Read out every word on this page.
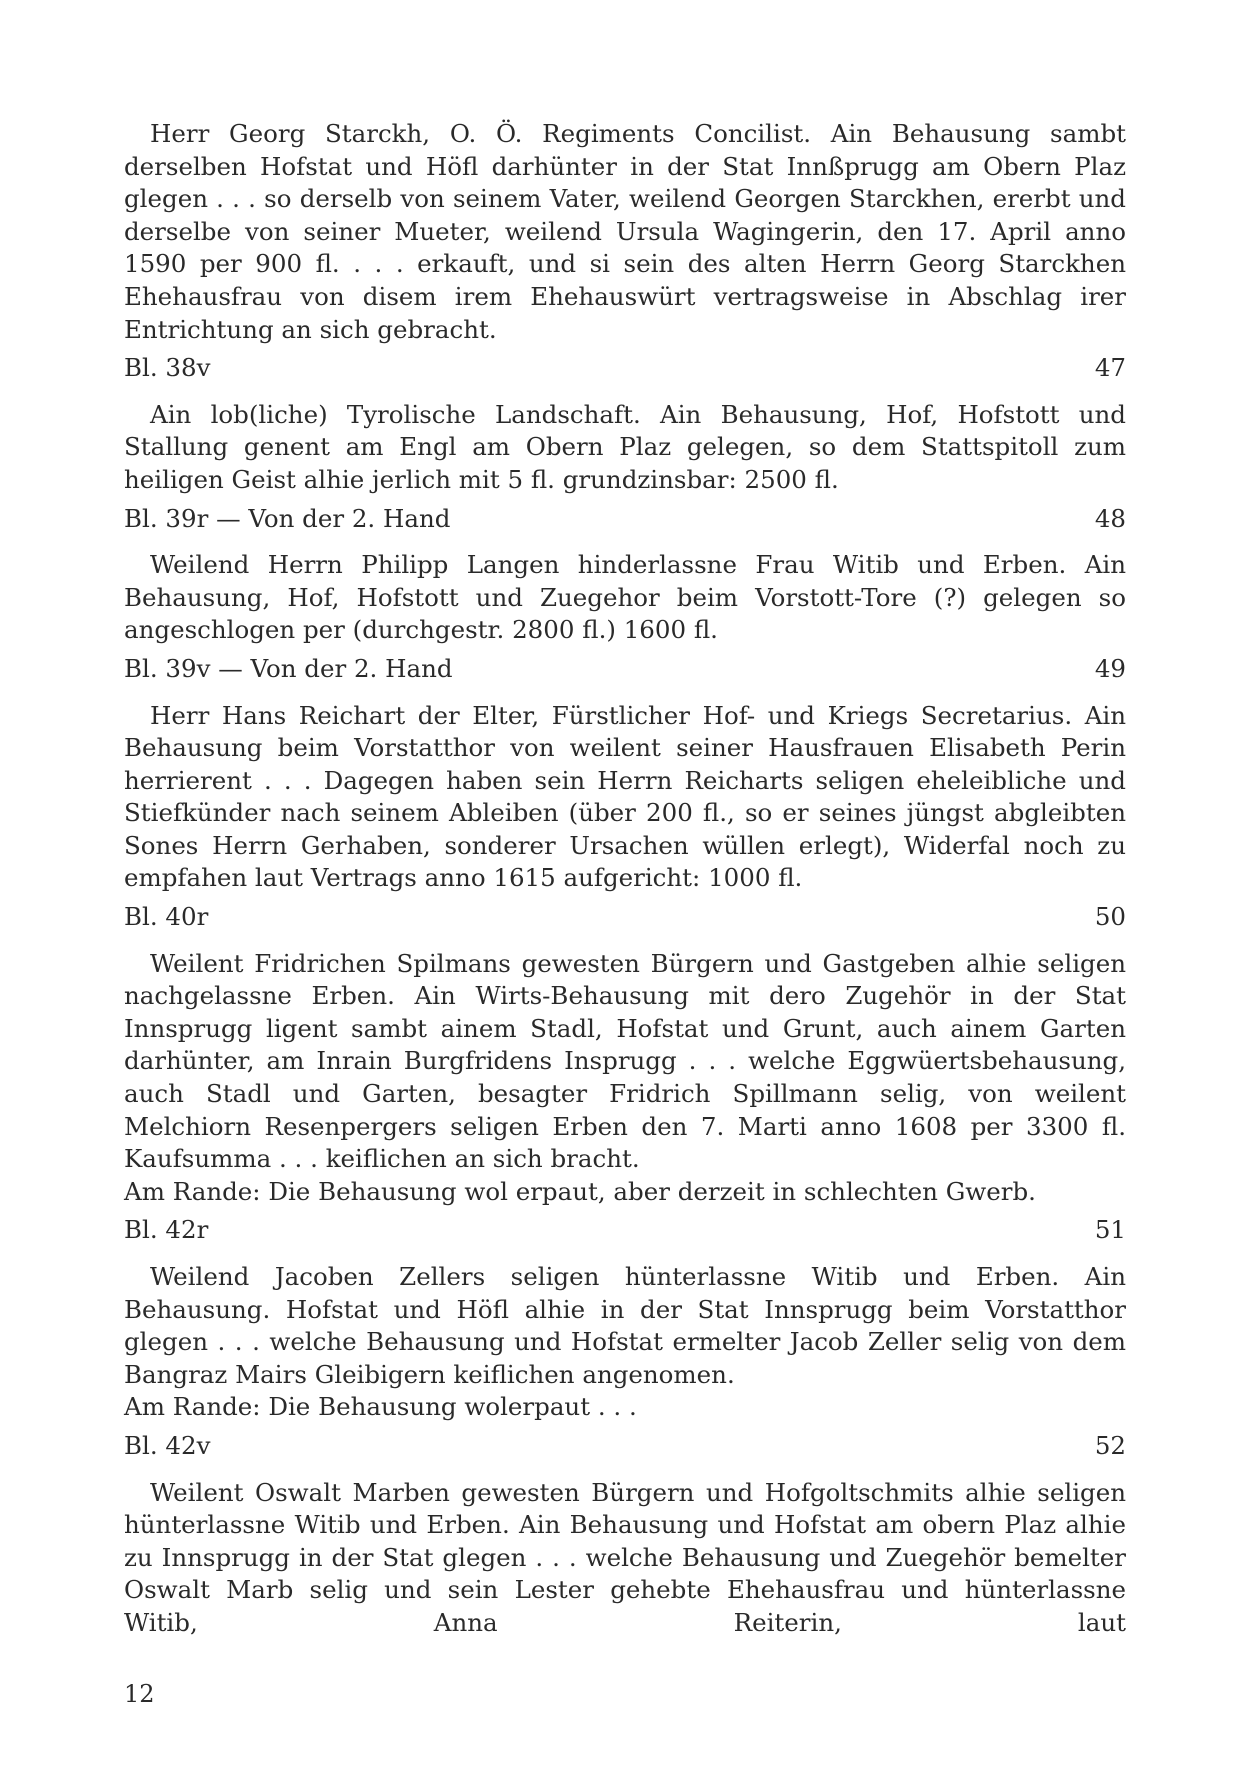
Herr Georg Starckh, O. Ö. Regiments Concilist. Ain Behausung sambt derselben Hofstat und Höfl darhünter in der Stat Innßprugg am Obern Plaz glegen . . . so derselb von seinem Vater, weilend Georgen Starckhen, ererbt und derselbe von seiner Mueter, weilend Ursula Wagingerin, den 17. April anno 1590 per 900 fl. . . . erkauft, und si sein des alten Herrn Georg Starckhen Ehehausfrau von disem irem Ehehauswürt vertragsweise in Abschlag irer Entrichtung an sich gebracht.

Bl. 38v	47

Ain lob(liche) Tyrolische Landschaft. Ain Behausung, Hof, Hofstott und Stallung genent am Engl am Obern Plaz gelegen, so dem Stattspitoll zum heiligen Geist alhie jerlich mit 5 fl. grundzinsbar: 2500 fl.

Bl. 39r — Von der 2. Hand	48

Weilend Herrn Philipp Langen hinderlassne Frau Witib und Erben. Ain Behausung, Hof, Hofstott und Zuegehor beim Vorstott-Tore (?) gelegen so angeschlogen per (durchgestr. 2800 fl.) 1600 fl.

Bl. 39v — Von der 2. Hand	49

Herr Hans Reichart der Elter, Fürstlicher Hof- und Kriegs Secretarius. Ain Behausung beim Vorstatthor von weilent seiner Hausfrauen Elisabeth Perin herrierent . . . Dagegen haben sein Herrn Reicharts seligen eheleibliche und Stiefkünder nach seinem Ableiben (über 200 fl., so er seines jüngst abgleibten Sones Herrn Gerhaben, sonderer Ursachen wüllen erlegt), Widerfal noch zu empfahen laut Vertrags anno 1615 aufgericht: 1000 fl.

Bl. 40r	50

Weilent Fridrichen Spilmans gewesten Bürgern und Gastgeben alhie seligen nachgelassne Erben. Ain Wirts-Behausung mit dero Zugehör in der Stat Innsprugg ligent sambt ainem Stadl, Hofstat und Grunt, auch ainem Garten darhünter, am Inrain Burgfridens Insprugg . . . welche Eggwüertsbehausung, auch Stadl und Garten, besagter Fridrich Spillmann selig, von weilent Melchiorn Resenpergers seligen Erben den 7. Marti anno 1608 per 3300 fl. Kaufsumma . . . keiflichen an sich bracht.

Am Rande: Die Behausung wol erpaut, aber derzeit in schlechten Gwerb.

Bl. 42r	51

Weilend Jacoben Zellers seligen hünterlassne Witib und Erben. Ain Behausung. Hofstat und Höfl alhie in der Stat Innsprugg beim Vorstatthor glegen . . . welche Behausung und Hofstat ermelter Jacob Zeller selig von dem Bangraz Mairs Gleibigern keiflichen angenomen.

Am Rande: Die Behausung wolerpaut . . .

Bl. 42v	52

Weilent Oswalt Marben gewesten Bürgern und Hofgoltschmits alhie seligen hünterlassne Witib und Erben. Ain Behausung und Hofstat am obern Plaz alhie zu Innsprugg in der Stat glegen . . . welche Behausung und Zuegehör bemelter Oswalt Marb selig und sein Lester gehebte Ehehausfrau und hünterlassne Witib, Anna Reiterin, laut

12
